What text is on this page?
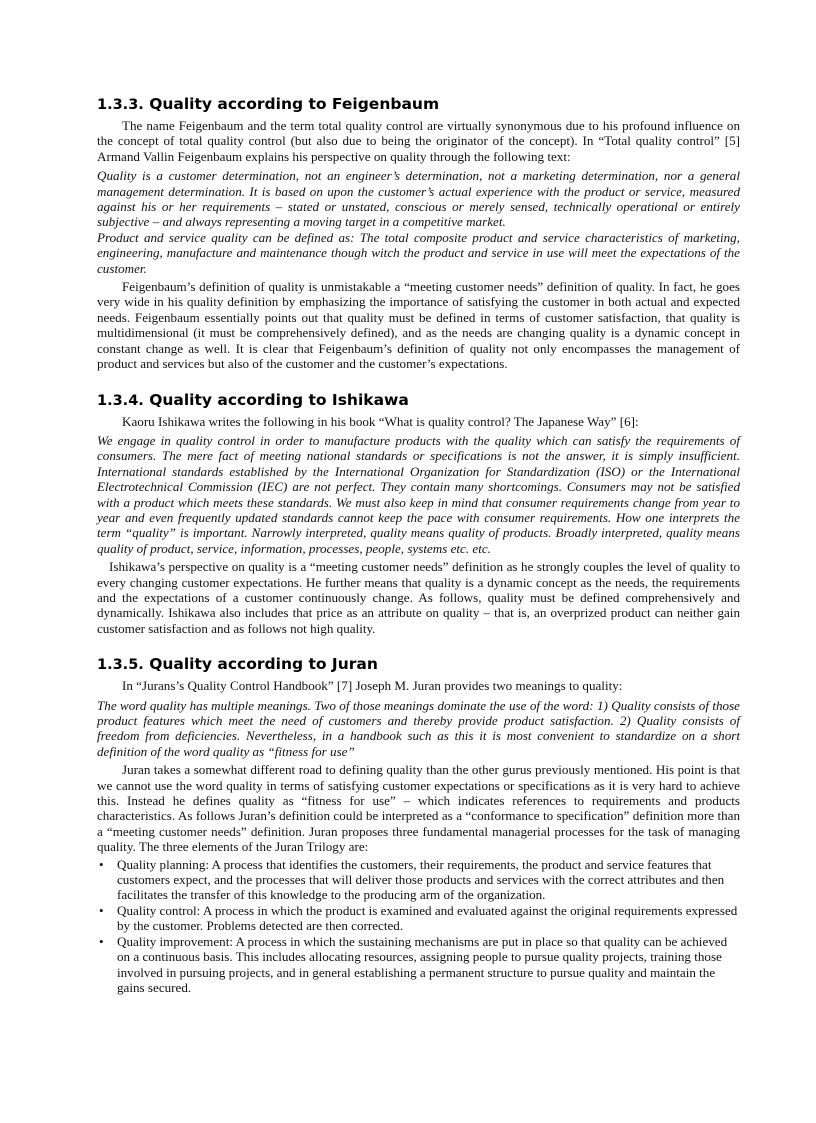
1.3.3. Quality according to Feigenbaum

The name Feigenbaum and the term total quality control are virtually synonymous due to his profound influence on the concept of total quality control (but also due to being the originator of the concept). In “Total quality control” [5] Armand Vallin Feigenbaum explains his perspective on quality through the following text:

Quality is a customer determination, not an engineer’s determination, not a marketing determination, nor a general management determination. It is based on upon the customer’s actual experience with the product or service, measured against his or her requirements – stated or unstated, conscious or merely sensed, technically operational or entirely subjective – and always representing a moving target in a competitive market.

Product and service quality can be defined as: The total composite product and service characteristics of marketing, engineering, manufacture and maintenance though witch the product and service in use will meet the expectations of the customer.

Feigenbaum’s definition of quality is unmistakable a “meeting customer needs” definition of quality. In fact, he goes very wide in his quality definition by emphasizing the importance of satisfying the customer in both actual and expected needs. Feigenbaum essentially points out that quality must be defined in terms of customer satisfaction, that quality is multidimensional (it must be comprehensively defined), and as the needs are changing quality is a dynamic concept in constant change as well. It is clear that Feigenbaum’s definition of quality not only encompasses the management of product and services but also of the customer and the customer’s expectations.

1.3.4. Quality according to Ishikawa

Kaoru Ishikawa writes the following in his book “What is quality control? The Japanese Way” [6]:

We engage in quality control in order to manufacture products with the quality which can satisfy the requirements of consumers. The mere fact of meeting national standards or specifications is not the answer, it is simply insufficient. International standards established by the International Organization for Standardization (ISO) or the International Electrotechnical Commission (IEC) are not perfect. They contain many shortcomings. Consumers may not be satisfied with a product which meets these standards. We must also keep in mind that consumer requirements change from year to year and even frequently updated standards cannot keep the pace with consumer requirements. How one interprets the term “quality” is important. Narrowly interpreted, quality means quality of products. Broadly interpreted, quality means quality of product, service, information, processes, people, systems etc. etc.

Ishikawa’s perspective on quality is a “meeting customer needs” definition as he strongly couples the level of quality to every changing customer expectations. He further means that quality is a dynamic concept as the needs, the requirements and the expectations of a customer continuously change. As follows, quality must be defined comprehensively and dynamically. Ishikawa also includes that price as an attribute on quality – that is, an overprized product can neither gain customer satisfaction and as follows not high quality.

1.3.5. Quality according to Juran

In “Jurans’s Quality Control Handbook” [7] Joseph M. Juran provides two meanings to quality:

The word quality has multiple meanings. Two of those meanings dominate the use of the word: 1) Quality consists of those product features which meet the need of customers and thereby provide product satisfaction. 2) Quality consists of freedom from deficiencies. Nevertheless, in a handbook such as this it is most convenient to standardize on a short definition of the word quality as “fitness for use”

Juran takes a somewhat different road to defining quality than the other gurus previously mentioned. His point is that we cannot use the word quality in terms of satisfying customer expectations or specifications as it is very hard to achieve this. Instead he defines quality as “fitness for use” – which indicates references to requirements and products characteristics. As follows Juran’s definition could be interpreted as a “conformance to specification” definition more than a “meeting customer needs” definition. Juran proposes three fundamental managerial processes for the task of managing quality. The three elements of the Juran Trilogy are:

• Quality planning: A process that identifies the customers, their requirements, the product and service features that customers expect, and the processes that will deliver those products and services with the correct attributes and then facilitates the transfer of this knowledge to the producing arm of the organization.
• Quality control: A process in which the product is examined and evaluated against the original requirements expressed by the customer. Problems detected are then corrected.
• Quality improvement: A process in which the sustaining mechanisms are put in place so that quality can be achieved on a continuous basis. This includes allocating resources, assigning people to pursue quality projects, training those involved in pursuing projects, and in general establishing a permanent structure to pursue quality and maintain the gains secured.
